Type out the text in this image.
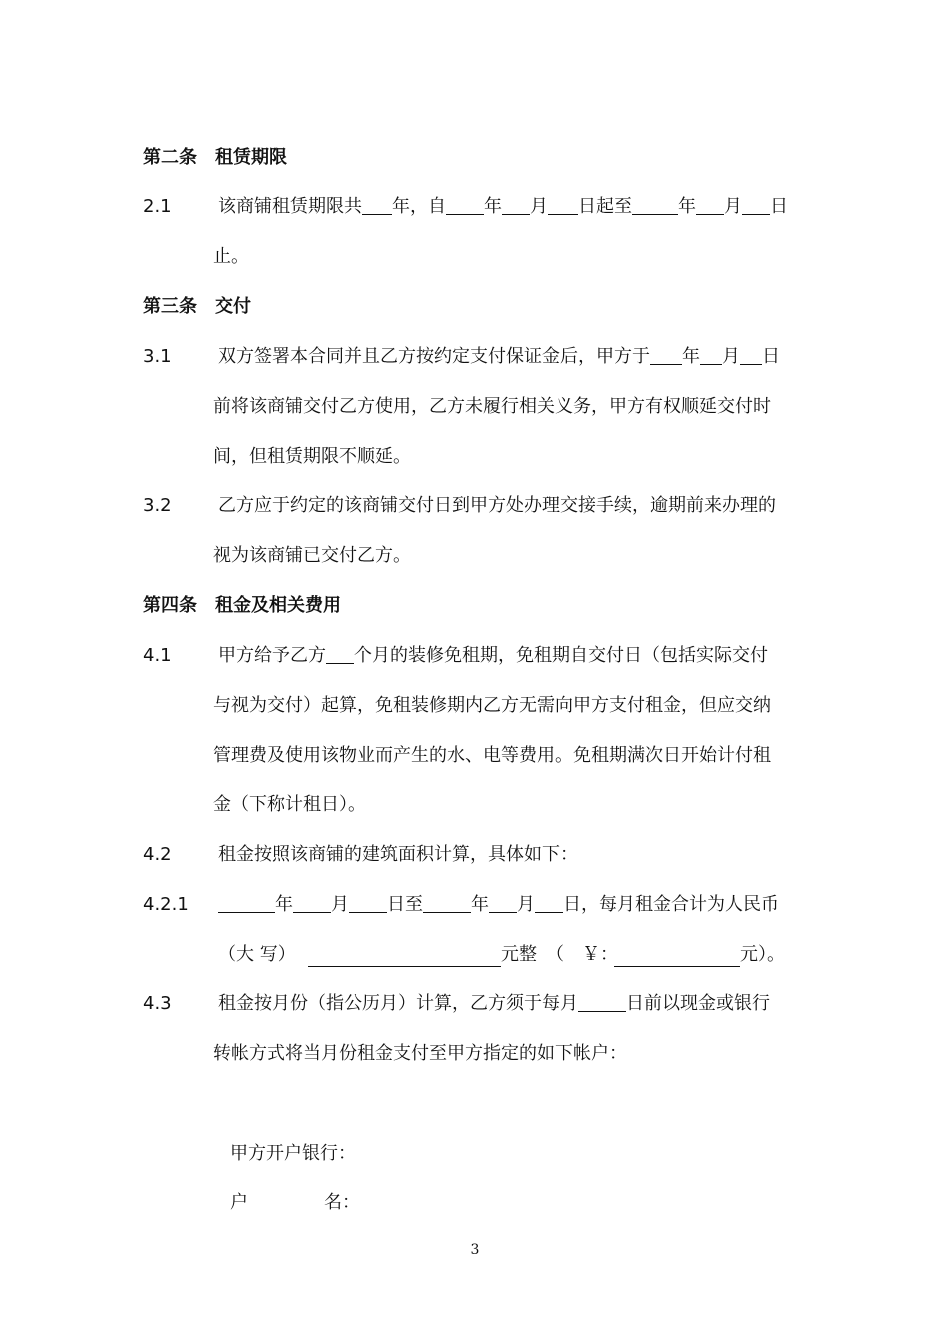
第二条　租赁期限
2.1	该商铺租赁期限共 年，自 年 月 日起至	年 月 日
止。
第三条　交付
3.1	双方签署本合同并且乙方按约定支付保证金后，甲方于 年 月 日
前将该商铺交付乙方使用，乙方未履行相关义务，甲方有权顺延交付时
间，但租赁期限不顺延。
3.2	乙方应于约定的该商铺交付日到甲方处办理交接手续，逾期前来办理的
视为该商铺已交付乙方。
第四条　租金及相关费用
4.1	甲方给予乙方 个月的装修免租期，免租期自交付日（包括实际交付
与视为交付）起算，免租装修期内乙方无需向甲方支付租金，但应交纳
管理费及使用该物业而产生的水、电等费用。免租期满次日开始计付租
金（下称计租日）。
4.2	租金按照该商铺的建筑面积计算，具体如下：
4.2.1	年 月 日至	年 月 日，每月租金合计为人民币
（大 写）	元整　（　￥：	元）。
4.3	租金按月份（指公历月）计算，乙方须于每月	日前以现金或银行
转帐方式将当月份租金支付至甲方指定的如下帐户：
甲方开户银行：
户	名：
3
